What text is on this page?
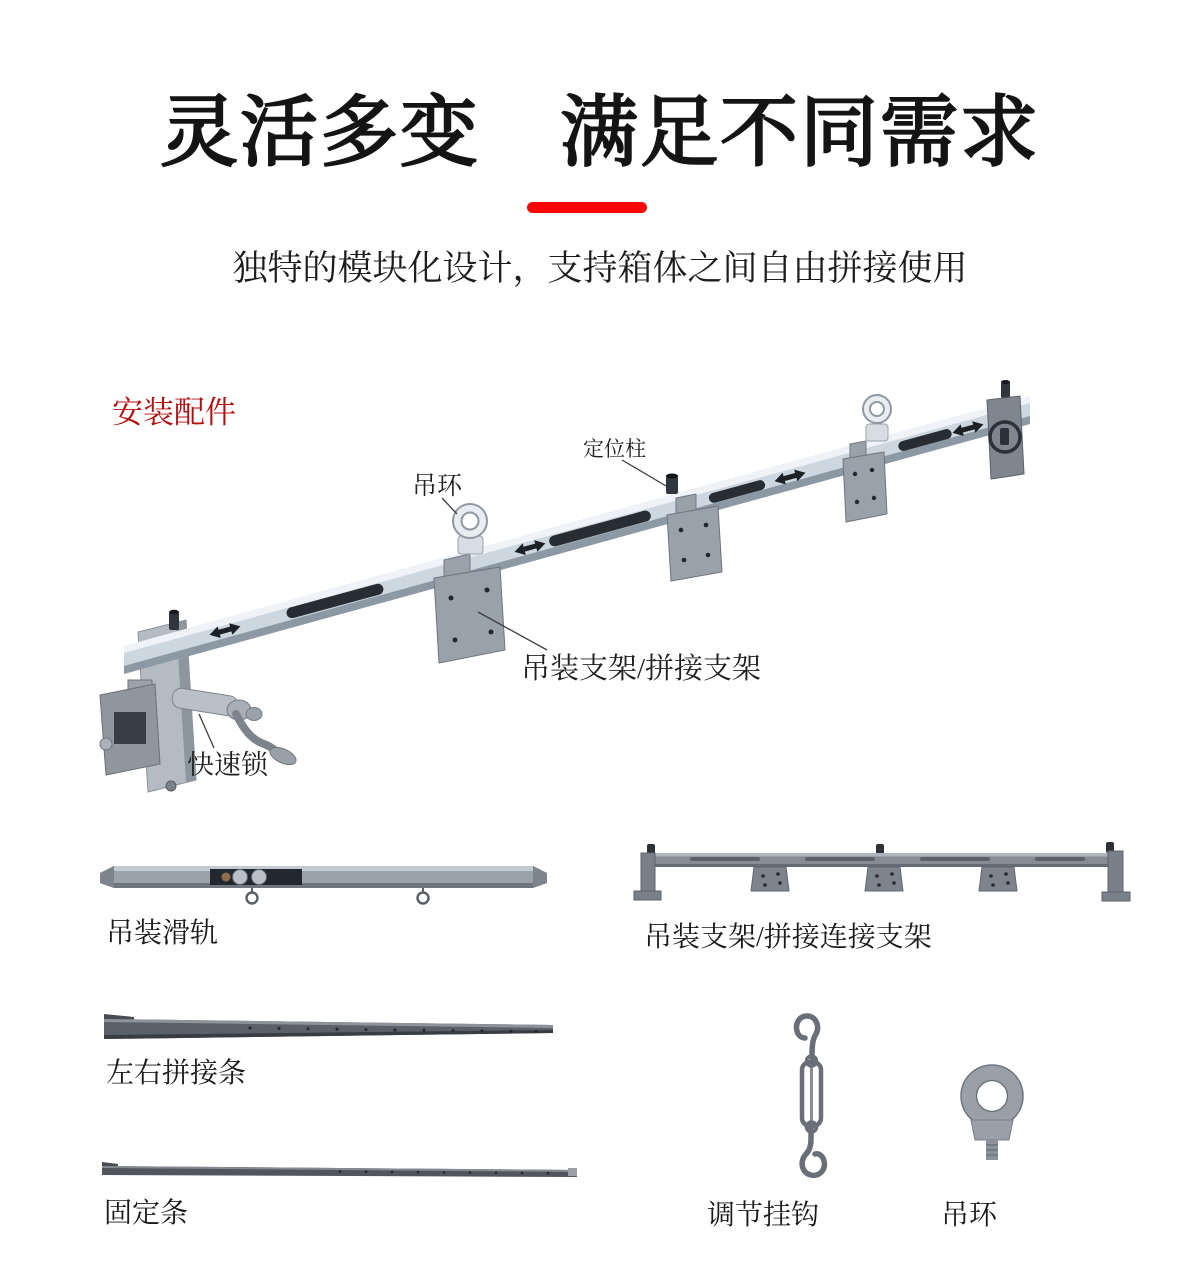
灵活多变　满足不同需求

独特的模块化设计，支持箱体之间自由拼接使用

安装配件
定位柱
吊环
吊装支架/拼接支架
快速锁
吊装滑轨	吊装支架/拼接连接支架
左右拼接条
固定条	调节挂钩	吊环
